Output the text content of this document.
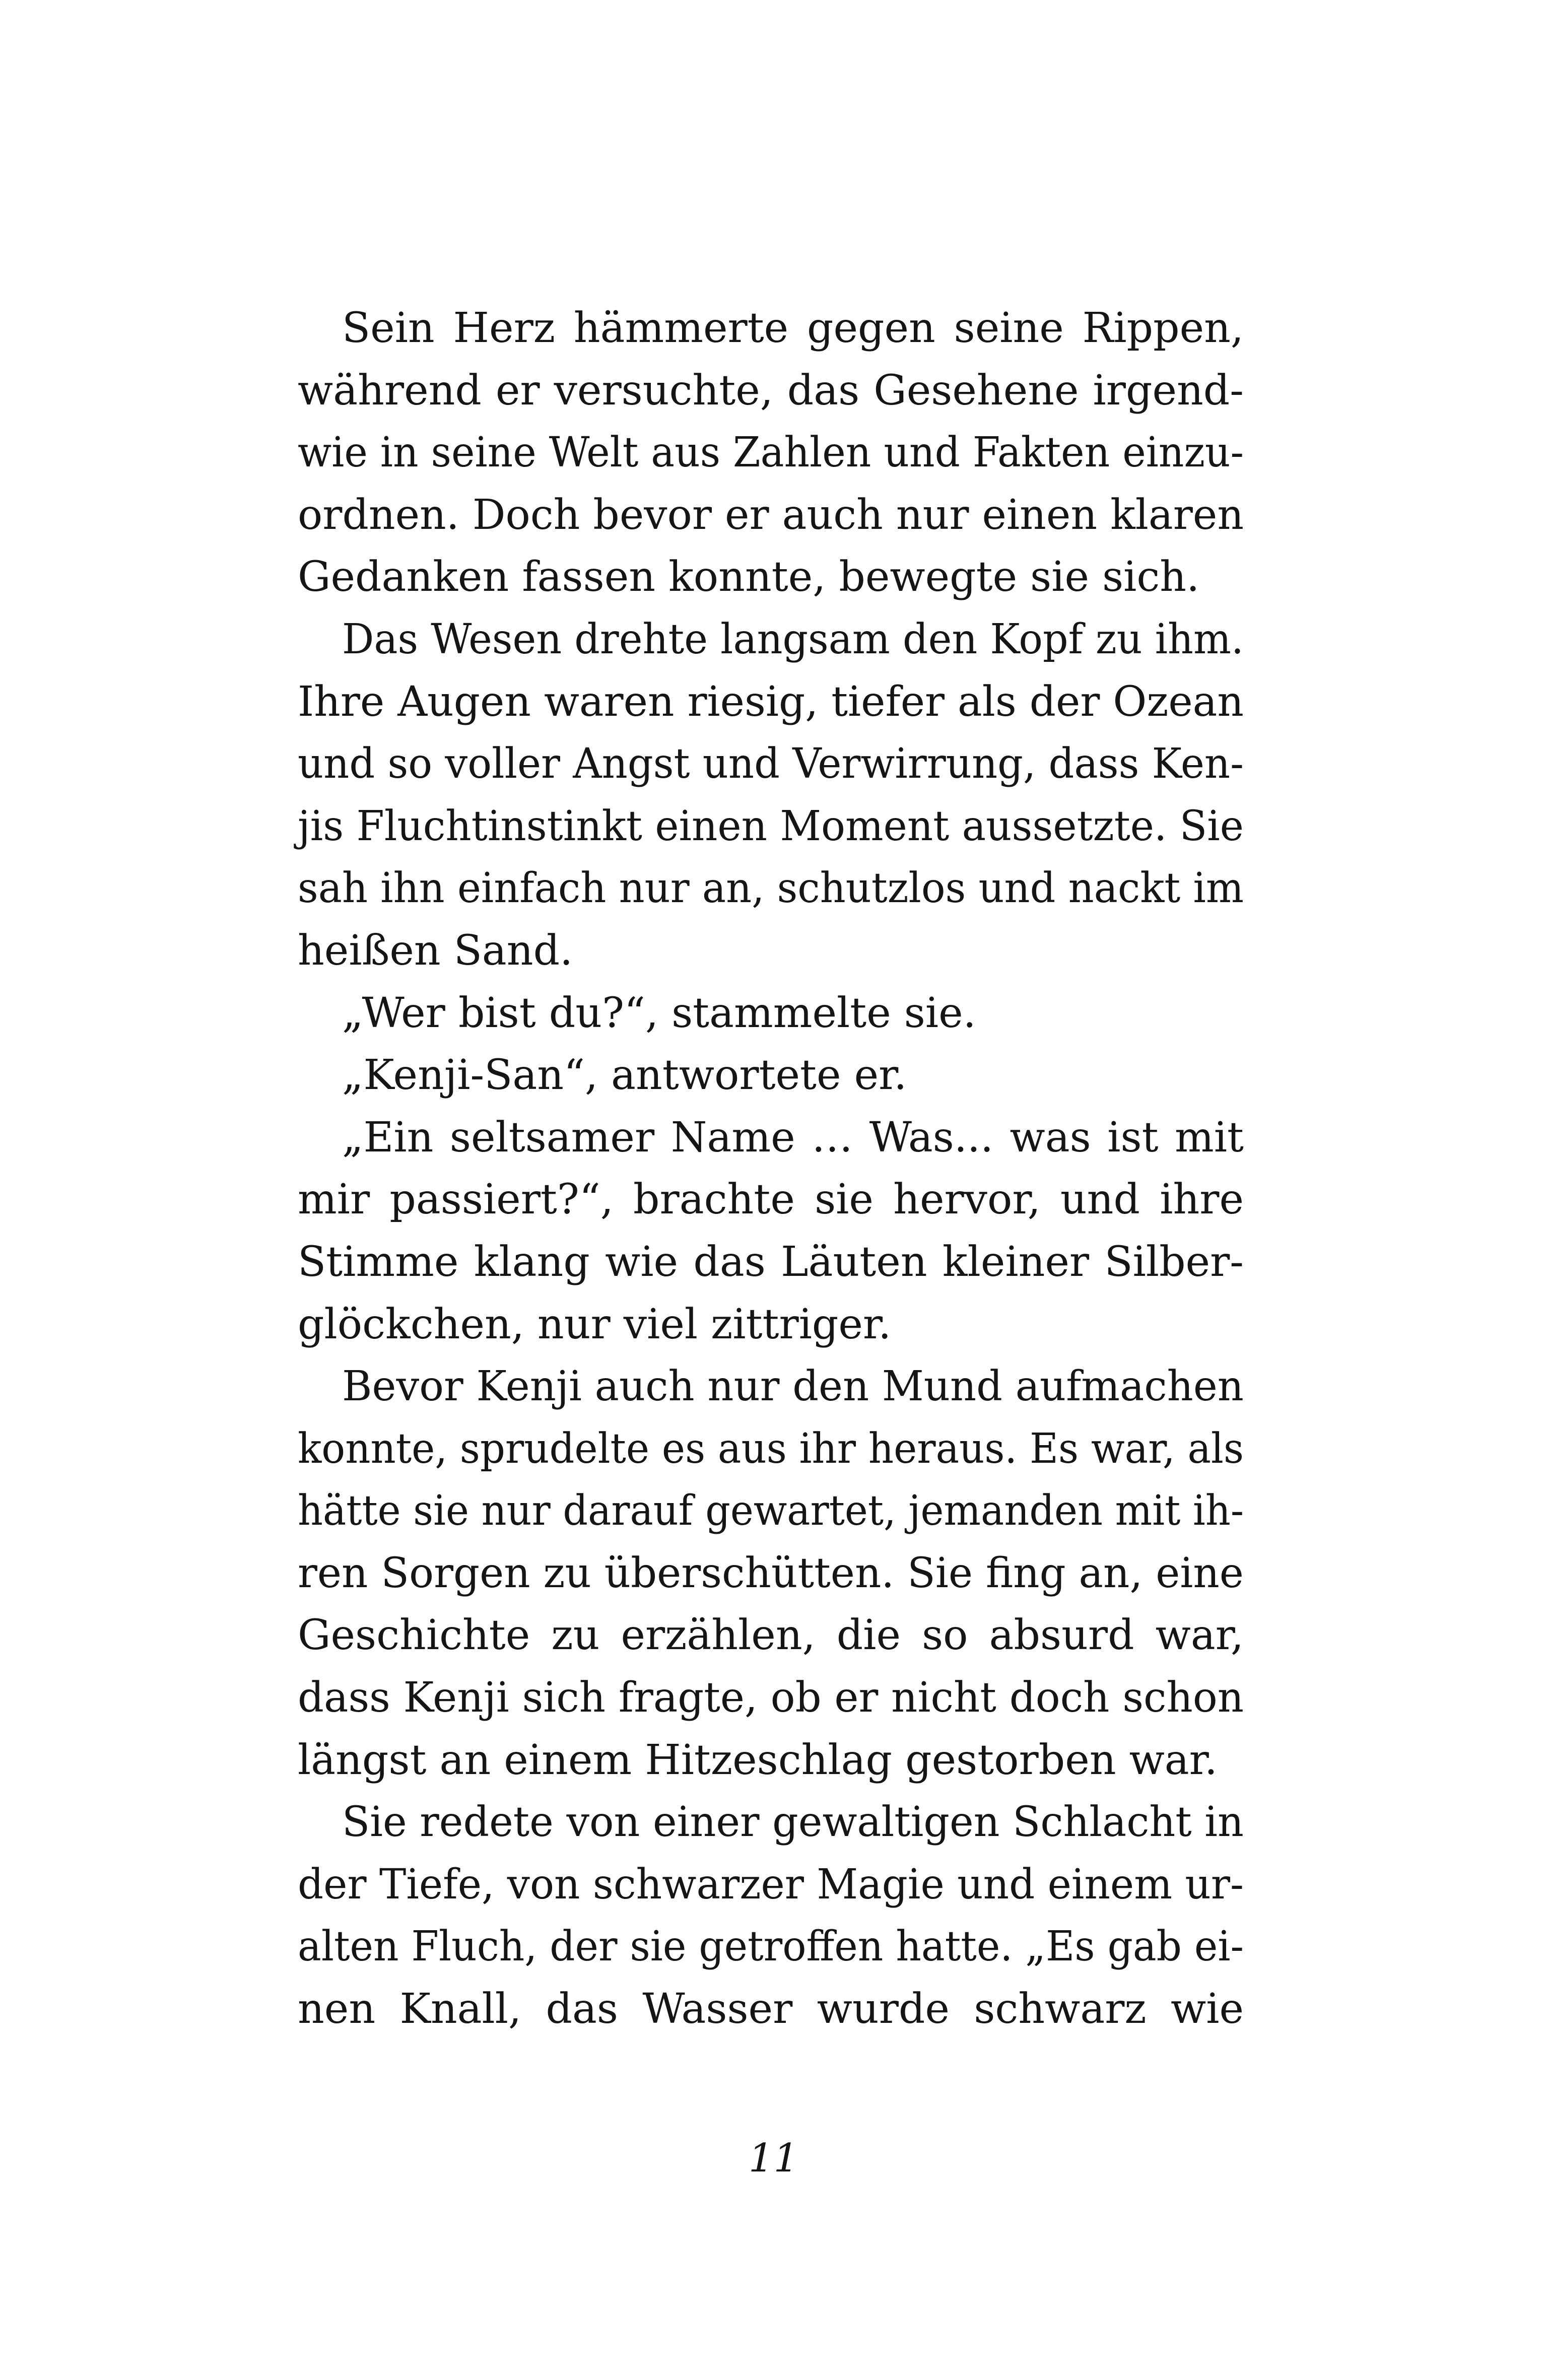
Sein Herz hämmerte gegen seine Rippen,
während er versuchte, das Gesehene irgend-
wie in seine Welt aus Zahlen und Fakten einzu-
ordnen. Doch bevor er auch nur einen klaren
Gedanken fassen konnte, bewegte sie sich.
Das Wesen drehte langsam den Kopf zu ihm.
Ihre Augen waren riesig, tiefer als der Ozean
und so voller Angst und Verwirrung, dass Ken-
jis Fluchtinstinkt einen Moment aussetzte. Sie
sah ihn einfach nur an, schutzlos und nackt im
heißen Sand.
„Wer bist du?“, stammelte sie.
„Kenji-San“, antwortete er.
„Ein seltsamer Name … Was... was ist mit
mir passiert?“, brachte sie hervor, und ihre
Stimme klang wie das Läuten kleiner Silber-
glöckchen, nur viel zittriger.
Bevor Kenji auch nur den Mund aufmachen
konnte, sprudelte es aus ihr heraus. Es war, als
hätte sie nur darauf gewartet, jemanden mit ih-
ren Sorgen zu überschütten. Sie fing an, eine
Geschichte zu erzählen, die so absurd war,
dass Kenji sich fragte, ob er nicht doch schon
längst an einem Hitzeschlag gestorben war.
Sie redete von einer gewaltigen Schlacht in
der Tiefe, von schwarzer Magie und einem ur-
alten Fluch, der sie getroffen hatte. „Es gab ei-
nen Knall, das Wasser wurde schwarz wie
11
